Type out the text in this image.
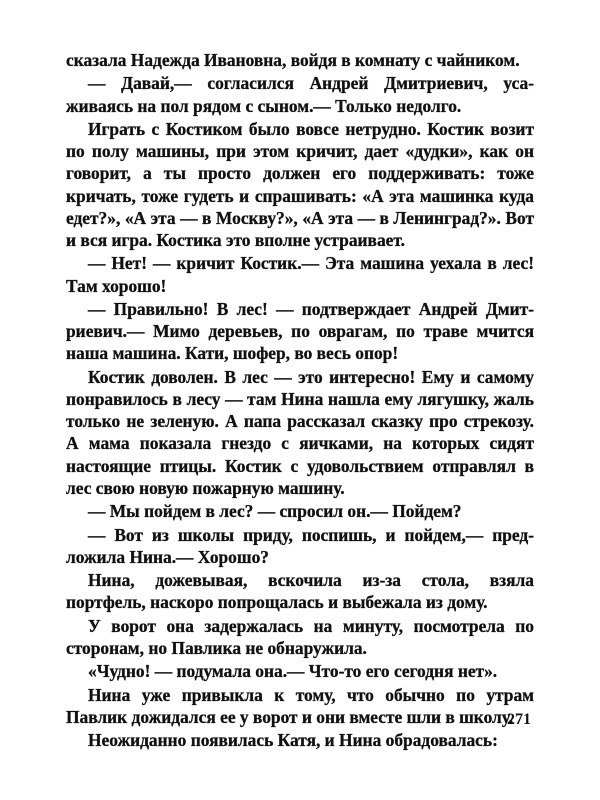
сказала Надежда Ивановна, войдя в комнату с чайником.

— Давай,— согласился Андрей Дмитриевич, усаживаясь на пол рядом с сыном.— Только недолго.

Играть с Костиком было вовсе нетрудно. Костик возит по полу машины, при этом кричит, дает «дудки», как он говорит, а ты просто должен его поддерживать: тоже кричать, тоже гудеть и спрашивать: «А эта машинка куда едет?», «А эта — в Москву?», «А эта — в Ленинград?». Вот и вся игра. Костика это вполне устраивает.

— Нет! — кричит Костик.— Эта машина уехала в лес! Там хорошо!

— Правильно! В лес! — подтверждает Андрей Дмитриевич.— Мимо деревьев, по оврагам, по траве мчится наша машина. Кати, шофер, во весь опор!

Костик доволен. В лес — это интересно! Ему и самому понравилось в лесу — там Нина нашла ему лягушку, жаль только не зеленую. А папа рассказал сказку про стрекозу. А мама показала гнездо с яичками, на которых сидят настоящие птицы. Костик с удовольствием отправлял в лес свою новую пожарную машину.

— Мы пойдем в лес? — спросил он.— Пойдем?

— Вот из школы приду, поспишь, и пойдем,— предложила Нина.— Хорошо?

Нина, дожевывая, вскочила из-за стола, взяла портфель, наскоро попрощалась и выбежала из дому.

У ворот она задержалась на минуту, посмотрела по сторонам, но Павлика не обнаружила.

«Чудно! — подумала она.— Что-то его сегодня нет».

Нина уже привыкла к тому, что обычно по утрам Павлик дожидался ее у ворот и они вместе шли в школу.

Неожиданно появилась Катя, и Нина обрадовалась:

271
